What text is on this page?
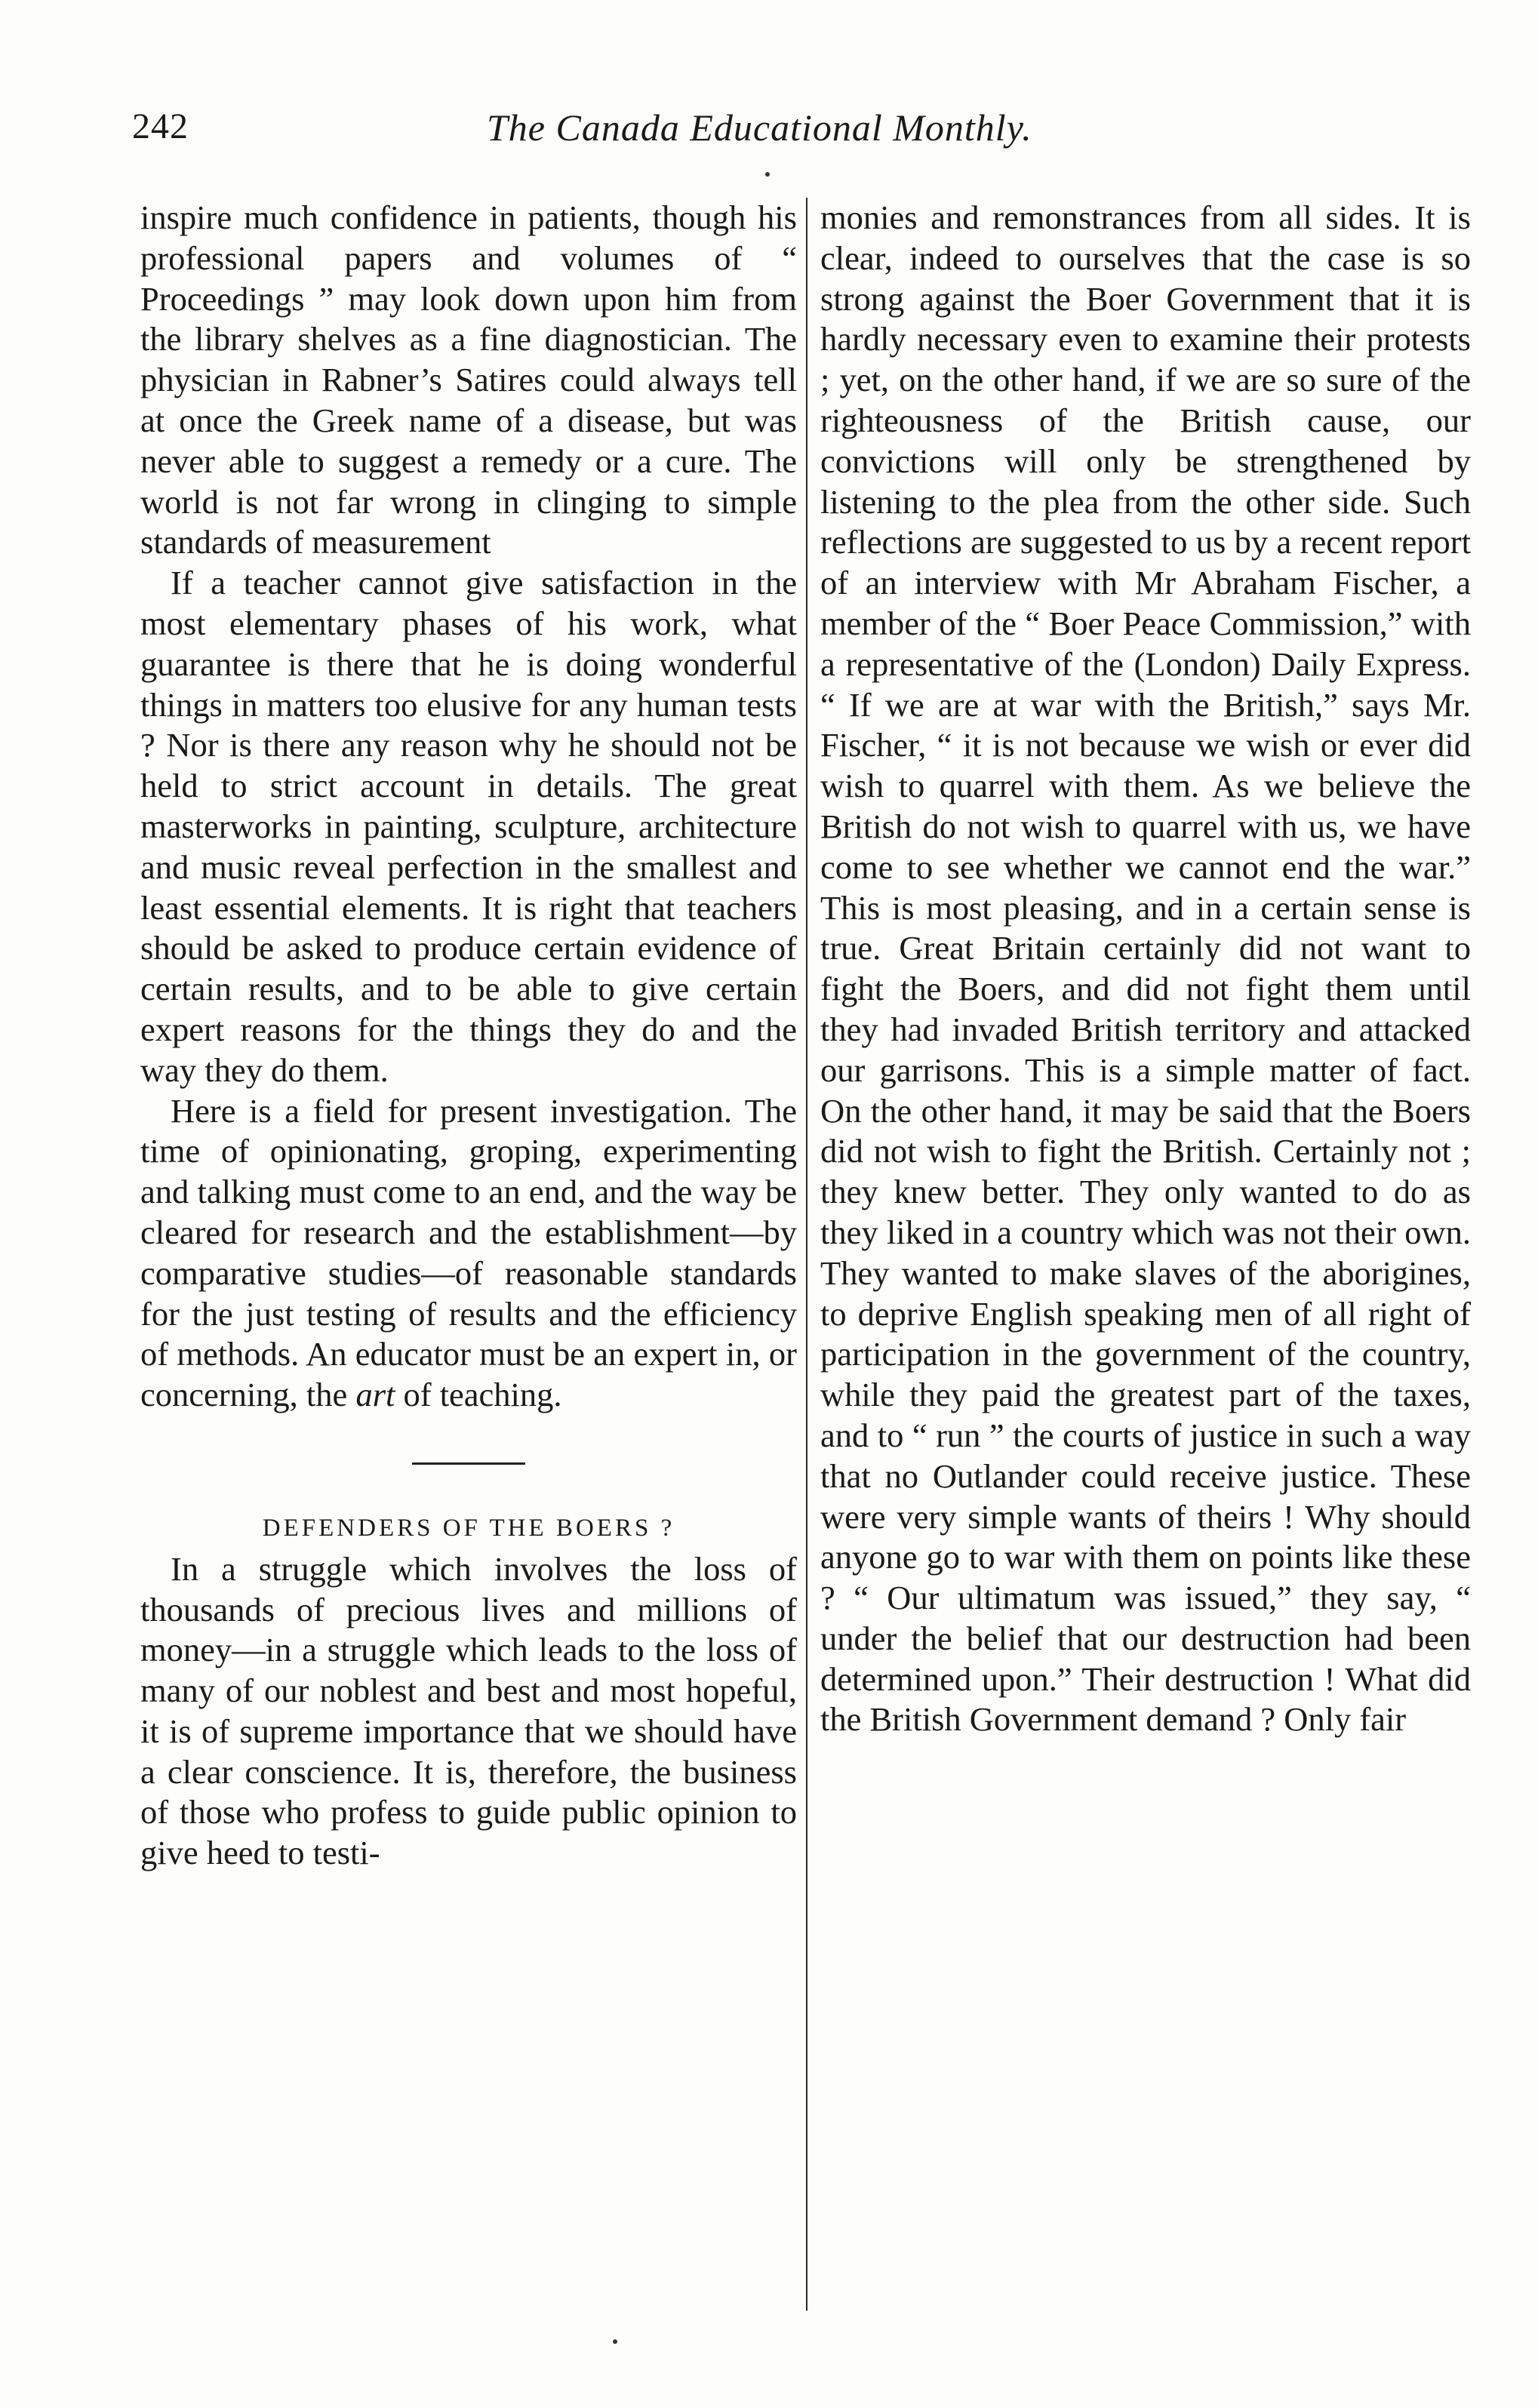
242	The Canada Educational Monthly.

inspire much confidence in patients, though his professional papers and volumes of “ Proceedings ” may look down upon him from the library shelves as a fine diagnostician. The physician in Rabner’s Satires could always tell at once the Greek name of a disease, but was never able to suggest a remedy or a cure. The world is not far wrong in clinging to simple standards of measurement

If a teacher cannot give satisfaction in the most elementary phases of his work, what guarantee is there that he is doing wonderful things in matters too elusive for any human tests ? Nor is there any reason why he should not be held to strict account in details. The great masterworks in painting, sculpture, architecture and music reveal perfection in the smallest and least essential elements. It is right that teachers should be asked to produce certain evidence of certain results, and to be able to give certain expert reasons for the things they do and the way they do them.

Here is a field for present investigation. The time of opinionating, groping, experimenting and talking must come to an end, and the way be cleared for research and the establishment—by comparative studies—of reasonable standards for the just testing of results and the efficiency of methods. An educator must be an expert in, or concerning, the art of teaching.

DEFENDERS OF THE BOERS ?

In a struggle which involves the loss of thousands of precious lives and millions of money—in a struggle which leads to the loss of many of our noblest and best and most hopeful, it is of supreme importance that we should have a clear conscience. It is, therefore, the business of those who profess to guide public opinion to give heed to testi-

monies and remonstrances from all sides. It is clear, indeed to ourselves that the case is so strong against the Boer Government that it is hardly necessary even to examine their protests ; yet, on the other hand, if we are so sure of the righteousness of the British cause, our convictions will only be strengthened by listening to the plea from the other side. Such reflections are suggested to us by a recent report of an interview with Mr Abraham Fischer, a member of the “ Boer Peace Commission,” with a representative of the (London) Daily Express. “ If we are at war with the British,” says Mr. Fischer, “ it is not because we wish or ever did wish to quarrel with them. As we believe the British do not wish to quarrel with us, we have come to see whether we cannot end the war.” This is most pleasing, and in a certain sense is true. Great Britain certainly did not want to fight the Boers, and did not fight them until they had invaded British territory and attacked our garrisons. This is a simple matter of fact. On the other hand, it may be said that the Boers did not wish to fight the British. Certainly not ; they knew better. They only wanted to do as they liked in a country which was not their own. They wanted to make slaves of the aborigines, to deprive English speaking men of all right of participation in the government of the country, while they paid the greatest part of the taxes, and to “ run ” the courts of justice in such a way that no Outlander could receive justice. These were very simple wants of theirs ! Why should anyone go to war with them on points like these ? “ Our ultimatum was issued,” they say, “ under the belief that our destruction had been determined upon.” Their destruction ! What did the British Government demand ? Only fair
